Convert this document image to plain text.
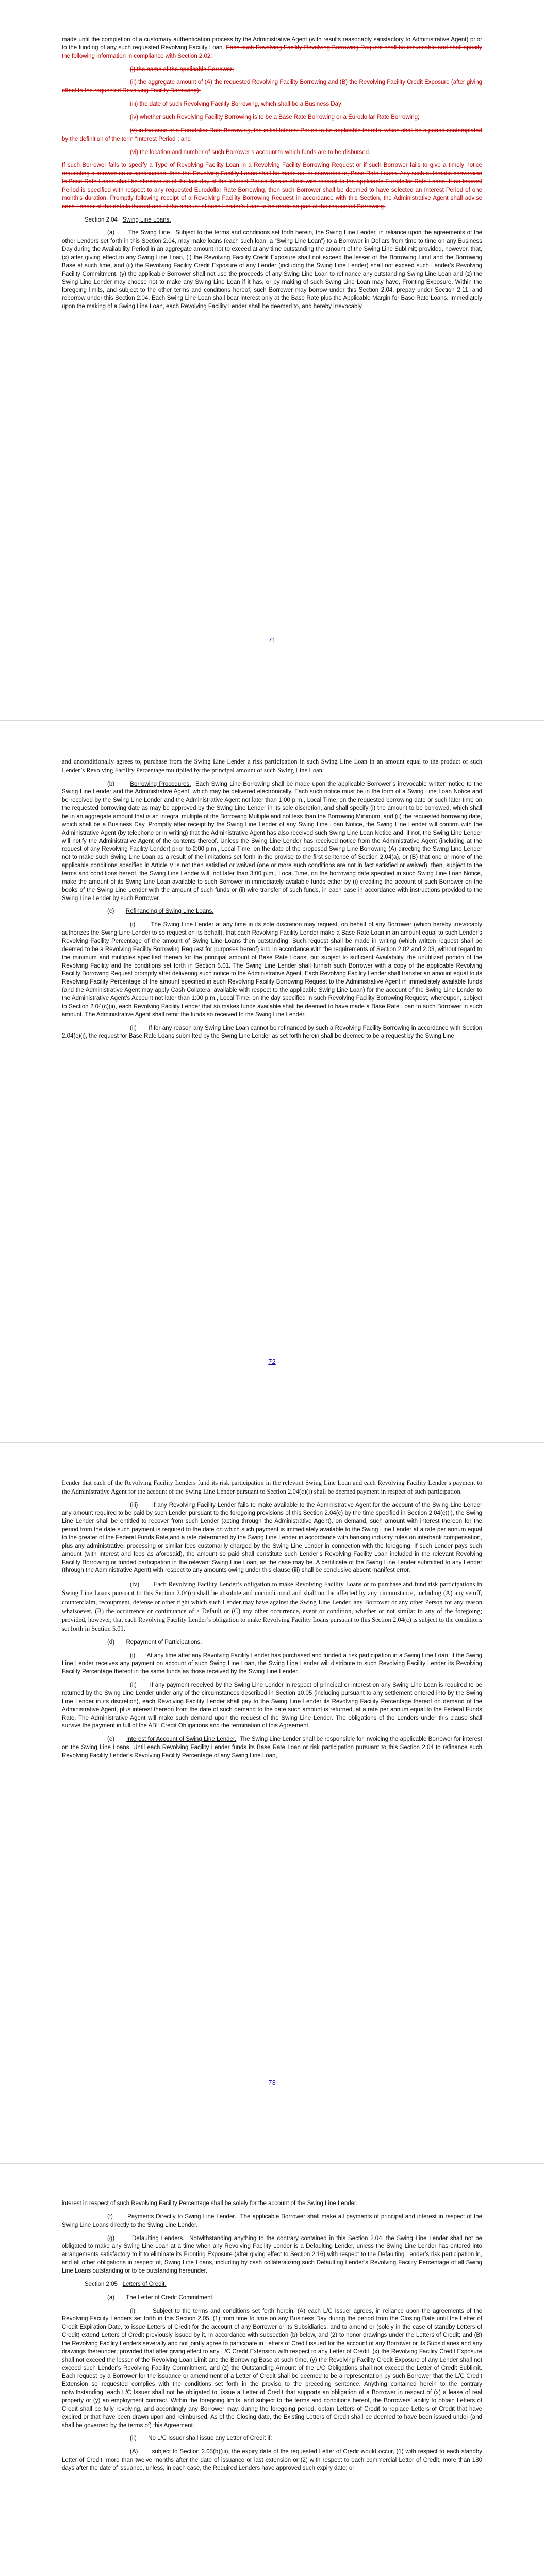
made until the completion of a customary authentication process by the Administrative Agent (with results reasonably satisfactory to Administrative Agent) prior to the funding of any such requested Revolving Facility Loan. Each such Revolving Facility Revolving Borrowing Request shall be irrevocable and shall specify the following information in compliance with Section 2.02:

(i) the name of the applicable Borrower;

(ii) the aggregate amount of (A) the requested Revolving Facility Borrowing and (B) the Revolving Facility Credit Exposure (after giving effect to the requested Revolving Facility Borrowing);

(iii) the date of such Revolving Facility Borrowing, which shall be a Business Day;

(iv) whether such Revolving Facility Borrowing is to be a Base Rate Borrowing or a Eurodollar Rate Borrowing;

(v) in the case of a Eurodollar Rate Borrowing, the initial Interest Period to be applicable thereto, which shall be a period contemplated by the definition of the term “Interest Period”; and

(vi) the location and number of such Borrower’s account to which funds are to be disbursed.

If such Borrower fails to specify a Type of Revolving Facility Loan in a Revolving Facility Borrowing Request or if such Borrower fails to give a timely notice requesting a conversion or continuation, then the Revolving Facility Loans shall be made as, or converted to, Base Rate Loans. Any such automatic conversion to Base Rate Loans shall be effective as of the last day of the Interest Period then in effect with respect to the applicable Eurodollar Rate Loans. If no Interest Period is specified with respect to any requested Eurodollar Rate Borrowing, then such Borrower shall be deemed to have selected an Interest Period of one month’s duration. Promptly following receipt of a Revolving Facility Borrowing Request in accordance with this Section, the Administrative Agent shall advise each Lender of the details thereof and of the amount of such Lender’s Loan to be made as part of the requested Borrowing.

Section 2.04 Swing Line Loans.

(a) The Swing Line. Subject to the terms and conditions set forth herein, the Swing Line Lender, in reliance upon the agreements of the other Lenders set forth in this Section 2.04, may make loans (each such loan, a “Swing Line Loan”) to a Borrower in Dollars from time to time on any Business Day during the Availability Period in an aggregate amount not to exceed at any time outstanding the amount of the Swing Line Sublimit; provided, however, that, (x) after giving effect to any Swing Line Loan, (i) the Revolving Facility Credit Exposure shall not exceed the lesser of the Borrowing Limit and the Borrowing Base at such time, and (ii) the Revolving Facility Credit Exposure of any Lender (including the Swing Line Lender) shall not exceed such Lender’s Revolving Facility Commitment, (y) the applicable Borrower shall not use the proceeds of any Swing Line Loan to refinance any outstanding Swing Line Loan and (z) the Swing Line Lender may choose not to make any Swing Line Loan if it has, or by making of such Swing Line Loan may have, Fronting Exposure. Within the foregoing limits, and subject to the other terms and conditions hereof, such Borrower may borrow under this Section 2.04, prepay under Section 2.11, and reborrow under this Section 2.04. Each Swing Line Loan shall bear interest only at the Base Rate plus the Applicable Margin for Base Rate Loans. Immediately upon the making of a Swing Line Loan, each Revolving Facility Lender shall be deemed to, and hereby irrevocably

71

and unconditionally agrees to, purchase from the Swing Line Lender a risk participation in such Swing Line Loan in an amount equal to the product of such Lender’s Revolving Facility Percentage multiplied by the principal amount of such Swing Line Loan.

(b)	Borrowing Procedures. Each Swing Line Borrowing shall be made upon the applicable Borrower’s irrevocable written notice to the Swing Line Lender and the Administrative Agent, which may be delivered electronically. Each such notice must be in the form of a Swing Line Loan Notice and be received by the Swing Line Lender and the Administrative Agent not later than 1:00 p.m., Local Time, on the requested borrowing date or such later time on the requested borrowing date as may be approved by the Swing Line Lender in its sole discretion, and shall specify (i) the amount to be borrowed, which shall be in an aggregate amount that is an integral multiple of the Borrowing Multiple and not less than the Borrowing Minimum, and (ii) the requested borrowing date, which shall be a Business Day. Promptly after receipt by the Swing Line Lender of any Swing Line Loan Notice, the Swing Line Lender will confirm with the Administrative Agent (by telephone or in writing) that the Administrative Agent has also received such Swing Line Loan Notice and, if not, the Swing Line Lender will notify the Administrative Agent of the contents thereof. Unless the Swing Line Lender has received notice from the Administrative Agent (including at the request of any Revolving Facility Lender) prior to 2:00 p.m., Local Time, on the date of the proposed Swing Line Borrowing (A) directing the Swing Line Lender not to make such Swing Line Loan as a result of the limitations set forth in the proviso to the first sentence of Section 2.04(a), or (B) that one or more of the applicable conditions specified in Article V is not then satisfied or waived (one or more such conditions are not in fact satisfied or waived), then, subject to the terms and conditions hereof, the Swing Line Lender will, not later than 3:00 p.m., Local Time, on the borrowing date specified in such Swing Line Loan Notice, make the amount of its Swing Line Loan available to such Borrower in immediately available funds either by (i) crediting the account of such Borrower on the books of the Swing Line Lender with the amount of such funds or (ii) wire transfer of such funds, in each case in accordance with instructions provided to the Swing Line Lender by such Borrower.

(c) Refinancing of Swing Line Loans.

(i)	The Swing Line Lender at any time in its sole discretion may request, on behalf of any Borrower (which hereby irrevocably authorizes the Swing Line Lender to so request on its behalf), that each Revolving Facility Lender make a Base Rate Loan in an amount equal to such Lender’s Revolving Facility Percentage of the amount of Swing Line Loans then outstanding. Such request shall be made in writing (which written request shall be deemed to be a Revolving Facility Borrowing Request for purposes hereof) and in accordance with the requirements of Section 2.02 and 2.03, without regard to the minimum and multiples specified therein for the principal amount of Base Rate Loans, but subject to sufficient Availability, the unutilized portion of the Revolving Facility and the conditions set forth in Section 5.01. The Swing Line Lender shall furnish such Borrower with a copy of the applicable Revolving Facility Borrowing Request promptly after delivering such notice to the Administrative Agent. Each Revolving Facility Lender shall transfer an amount equal to its Revolving Facility Percentage of the amount specified in such Revolving Facility Borrowing Request to the Administrative Agent in immediately available funds (and the Administrative Agent may apply Cash Collateral available with respect to the applicable Swing Line Loan) for the account of the Swing Line Lender to the Administrative Agent’s Account not later than 1:00 p.m., Local Time, on the day specified in such Revolving Facility Borrowing Request, whereupon, subject to Section 2.04(c)(ii), each Revolving Facility Lender that so makes funds available shall be deemed to have made a Base Rate Loan to such Borrower in such amount. The Administrative Agent shall remit the funds so received to the Swing Line Lender.

(ii) If for any reason any Swing Line Loan cannot be refinanced by such a Revolving Facility Borrowing in accordance with Section 2.04(c)(i), the request for Base Rate Loans submitted by the Swing Line Lender as set forth herein shall be deemed to be a request by the Swing Line

72

Lender that each of the Revolving Facility Lenders fund its risk participation in the relevant Swing Line Loan and each Revolving Facility Lender’s payment to the Administrative Agent for the account of the Swing Line Lender pursuant to Section 2.04(c)(i) shall be deemed payment in respect of such participation.

(iii) If any Revolving Facility Lender fails to make available to the Administrative Agent for the account of the Swing Line Lender any amount required to be paid by such Lender pursuant to the foregoing provisions of this Section 2.04(c) by the time specified in Section 2.04(c)(i), the Swing Line Lender shall be entitled to recover from such Lender (acting through the Administrative Agent), on demand, such amount with interest thereon for the period from the date such payment is required to the date on which such payment is immediately available to the Swing Line Lender at a rate per annum equal to the greater of the Federal Funds Rate and a rate determined by the Swing Line Lender in accordance with banking industry rules on interbank compensation, plus any administrative, processing or similar fees customarily charged by the Swing Line Lender in connection with the foregoing. If such Lender pays such amount (with interest and fees as aforesaid), the amount so paid shall constitute such Lender’s Revolving Facility Loan included in the relevant Revolving Facility Borrowing or funded participation in the relevant Swing Line Loan, as the case may be. A certificate of the Swing Line Lender submitted to any Lender (through the Administrative Agent) with respect to any amounts owing under this clause (iii) shall be conclusive absent manifest error.

(iv) Each Revolving Facility Lender’s obligation to make Revolving Facility Loans or to purchase and fund risk participations in Swing Line Loans pursuant to this Section 2.04(c) shall be absolute and unconditional and shall not be affected by any circumstance, including (A) any setoff, counterclaim, recoupment, defense or other right which such Lender may have against the Swing Line Lender, any Borrower or any other Person for any reason whatsoever, (B) the occurrence or continuance of a Default or (C) any other occurrence, event or condition, whether or not similar to any of the foregoing; provided, however, that each Revolving Facility Lender’s obligation to make Revolving Facility Loans pursuant to this Section 2.04(c) is subject to the conditions set forth in Section 5.01.

(d) Repayment of Participations.

(i) At any time after any Revolving Facility Lender has purchased and funded a risk participation in a Swing Line Loan, if the Swing Line Lender receives any payment on account of such Swing Line Loan, the Swing Line Lender will distribute to such Revolving Facility Lender its Revolving Facility Percentage thereof in the same funds as those received by the Swing Line Lender.

(ii) If any payment received by the Swing Line Lender in respect of principal or interest on any Swing Line Loan is required to be returned by the Swing Line Lender under any of the circumstances described in Section 10.05 (including pursuant to any settlement entered into by the Swing Line Lender in its discretion), each Revolving Facility Lender shall pay to the Swing Line Lender its Revolving Facility Percentage thereof on demand of the Administrative Agent, plus interest thereon from the date of such demand to the date such amount is returned, at a rate per annum equal to the Federal Funds Rate. The Administrative Agent will make such demand upon the request of the Swing Line Lender. The obligations of the Lenders under this clause shall survive the payment in full of the ABL Credit Obligations and the termination of this Agreement.

(e) Interest for Account of Swing Line Lender. The Swing Line Lender shall be responsible for invoicing the applicable Borrower for interest on the Swing Line Loans. Until each Revolving Facility Lender funds its Base Rate Loan or risk participation pursuant to this Section 2.04 to refinance such Revolving Facility Lender’s Revolving Facility Percentage of any Swing Line Loan,

73

interest in respect of such Revolving Facility Percentage shall be solely for the account of the Swing Line Lender.

(f) Payments Directly to Swing Line Lender. The applicable Borrower shall make all payments of principal and interest in respect of the Swing Line Loans directly to the Swing Line Lender.

(g)	Defaulting Lenders. Notwithstanding anything to the contrary contained in this Section 2.04, the Swing Line Lender shall not be obligated to make any Swing Line Loan at a time when any Revolving Facility Lender is a Defaulting Lender, unless the Swing Line Lender has entered into arrangements satisfactory to it to eliminate its Fronting Exposure (after giving effect to Section 2.16) with respect to the Defaulting Lender’s risk participation in, and all other obligations in respect of, Swing Line Loans, including by cash collateralizing such Defaulting Lender’s Revolving Facility Percentage of all Swing Line Loans outstanding or to be outstanding hereunder.

Section 2.05 Letters of Credit.

(a) The Letter of Credit Commitment.

(i)	Subject to the terms and conditions set forth herein, (A) each L/C Issuer agrees, in reliance upon the agreements of the Revolving Facility Lenders set forth in this Section 2.05, (1) from time to time on any Business Day during the period from the Closing Date until the Letter of Credit Expiration Date, to issue Letters of Credit for the account of any Borrower or its Subsidiaries, and to amend or (solely in the case of standby Letters of Credit) extend Letters of Credit previously issued by it, in accordance with subsection (b) below, and (2) to honor drawings under the Letters of Credit; and (B) the Revolving Facility Lenders severally and not jointly agree to participate in Letters of Credit issued for the account of any Borrower or its Subsidiaries and any drawings thereunder; provided that after giving effect to any L/C Credit Extension with respect to any Letter of Credit, (x) the Revolving Facility Credit Exposure shall not exceed the lesser of the Revolving Loan Limit and the Borrowing Base at such time, (y) the Revolving Facility Credit Exposure of any Lender shall not exceed such Lender’s Revolving Facility Commitment, and (z) the Outstanding Amount of the L/C Obligations shall not exceed the Letter of Credit Sublimit. Each request by a Borrower for the issuance or amendment of a Letter of Credit shall be deemed to be a representation by such Borrower that the L/C Credit Extension so requested complies with the conditions set forth in the proviso to the preceding sentence. Anything contained herein to the contrary notwithstanding, each L/C Issuer shall not be obligated to, issue a Letter of Credit that supports an obligation of a Borrower in respect of (x) a lease of real property or (y) an employment contract. Within the foregoing limits, and subject to the terms and conditions hereof, the Borrowers’ ability to obtain Letters of Credit shall be fully revolving, and accordingly any Borrower may, during the foregoing period, obtain Letters of Credit to replace Letters of Credit that have expired or that have been drawn upon and reimbursed. As of the Closing date, the Existing Letters of Credit shall be deemed to have been issued under (and shall be governed by the terms of) this Agreement.

(ii) No L/C Issuer shall issue any Letter of Credit if:

(A) subject to Section 2.05(b)(iii), the expiry date of the requested Letter of Credit would occur, (1) with respect to each standby Letter of Credit, more than twelve months after the date of issuance or last extension or (2) with respect to each commercial Letter of Credit, more than 180 days after the date of issuance, unless, in each case, the Required Lenders have approved such expiry date; or
